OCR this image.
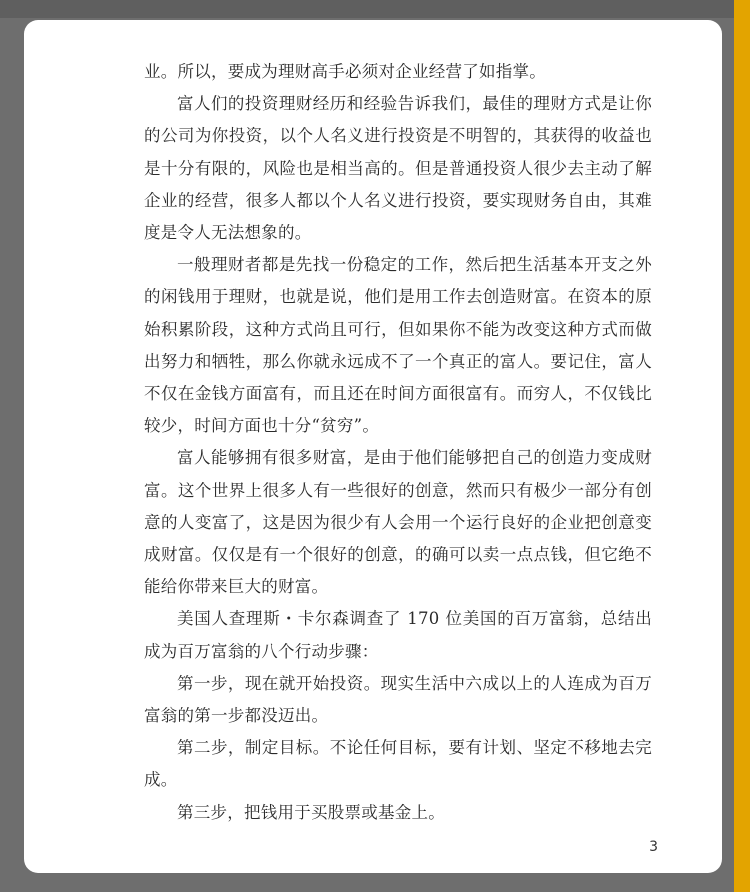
业。所以，要成为理财高手必须对企业经营了如指掌。

富人们的投资理财经历和经验告诉我们，最佳的理财方式是让你的公司为你投资，以个人名义进行投资是不明智的，其获得的收益也是十分有限的，风险也是相当高的。但是普通投资人很少去主动了解企业的经营，很多人都以个人名义进行投资，要实现财务自由，其难度是令人无法想象的。

一般理财者都是先找一份稳定的工作，然后把生活基本开支之外的闲钱用于理财，也就是说，他们是用工作去创造财富。在资本的原始积累阶段，这种方式尚且可行，但如果你不能为改变这种方式而做出努力和牺牲，那么你就永远成不了一个真正的富人。要记住，富人不仅在金钱方面富有，而且还在时间方面很富有。而穷人，不仅钱比较少，时间方面也十分“贫穷”。

富人能够拥有很多财富，是由于他们能够把自己的创造力变成财富。这个世界上很多人有一些很好的创意，然而只有极少一部分有创意的人变富了，这是因为很少有人会用一个运行良好的企业把创意变成财富。仅仅是有一个很好的创意，的确可以卖一点点钱，但它绝不能给你带来巨大的财富。

美国人查理斯・卡尔森调查了 170 位美国的百万富翁，总结出成为百万富翁的八个行动步骤：

第一步，现在就开始投资。现实生活中六成以上的人连成为百万富翁的第一步都没迈出。

第二步，制定目标。不论任何目标，要有计划、坚定不移地去完成。

第三步，把钱用于买股票或基金上。

3
